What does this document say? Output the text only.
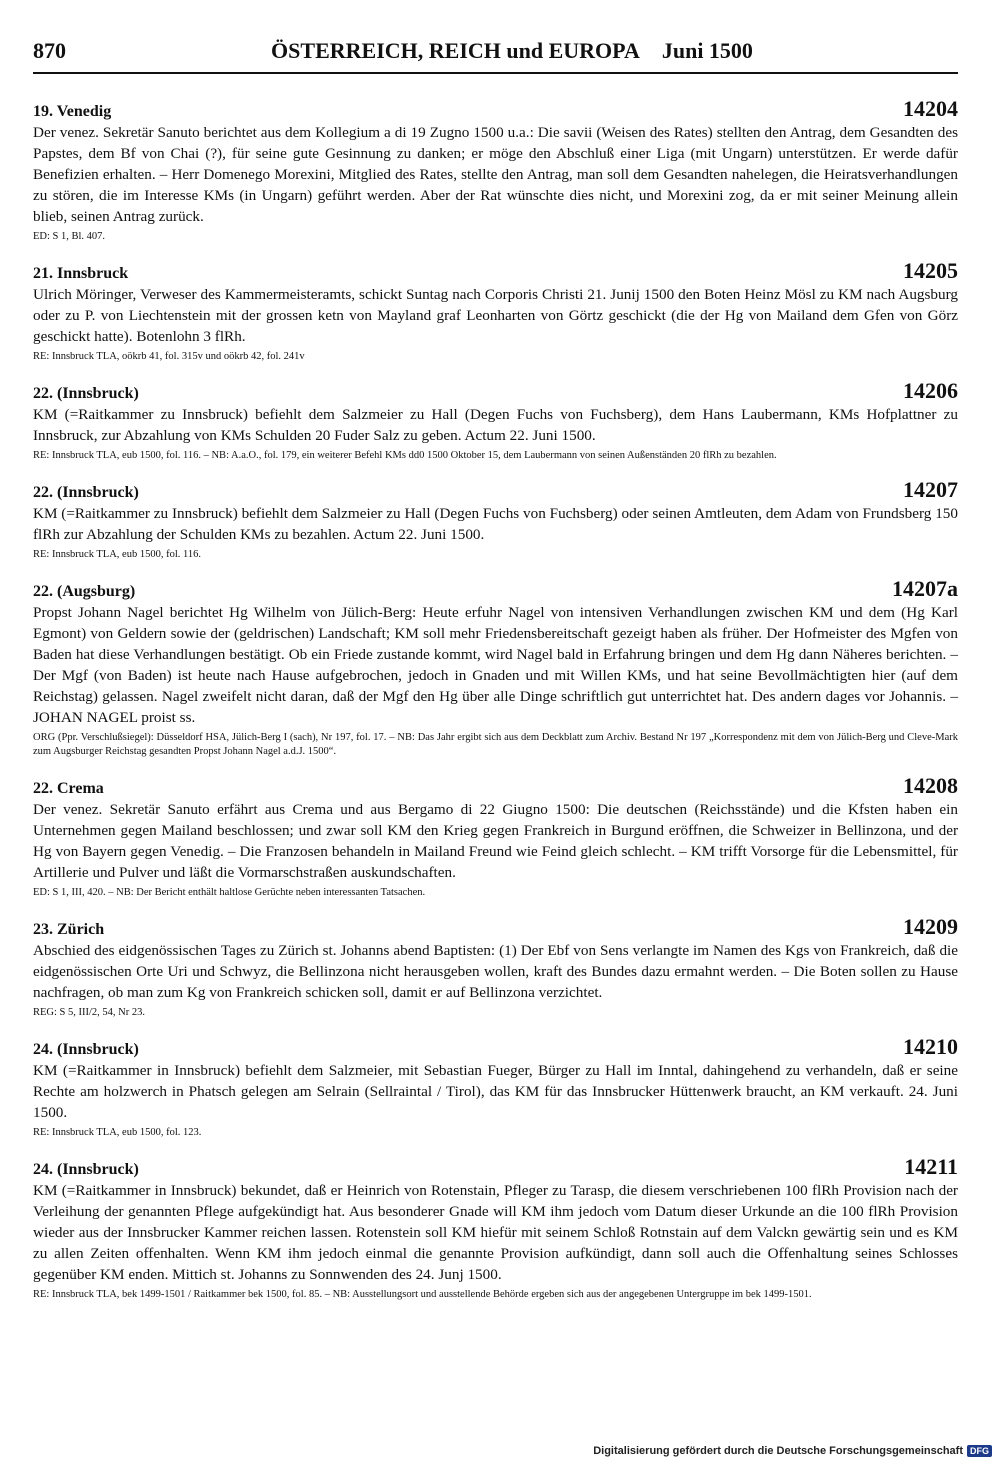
870	ÖSTERREICH, REICH und EUROPA Juni 1500
19. Venedig	14204
Der venez. Sekretär Sanuto berichtet aus dem Kollegium a di 19 Zugno 1500 u.a.: Die savii (Weisen des Rates) stellten den Antrag, dem Gesandten des Papstes, dem Bf von Chai (?), für seine gute Gesinnung zu danken; er möge den Abschluß einer Liga (mit Ungarn) unterstützen. Er werde dafür Benefizien erhalten. – Herr Domenego Morexini, Mitglied des Rates, stellte den Antrag, man soll dem Gesandten nahelegen, die Heiratsverhandlungen zu stören, die im Interesse KMs (in Ungarn) geführt werden. Aber der Rat wünschte dies nicht, und Morexini zog, da er mit seiner Meinung allein blieb, seinen Antrag zurück.
ED: S 1, Bl. 407.
21. Innsbruck	14205
Ulrich Möringer, Verweser des Kammermeisteramts, schickt Suntag nach Corporis Christi 21. Junij 1500 den Boten Heinz Mösl zu KM nach Augsburg oder zu P. von Liechtenstein mit der grossen ketn von Mayland graf Leonharten von Görtz geschickt (die der Hg von Mailand dem Gfen von Görz geschickt hatte). Botenlohn 3 flRh.
RE: Innsbruck TLA, oökrb 41, fol. 315v und oökrb 42, fol. 241v
22. (Innsbruck)	14206
KM (=Raitkammer zu Innsbruck) befiehlt dem Salzmeier zu Hall (Degen Fuchs von Fuchsberg), dem Hans Laubermann, KMs Hofplattner zu Innsbruck, zur Abzahlung von KMs Schulden 20 Fuder Salz zu geben. Actum 22. Juni 1500.
RE: Innsbruck TLA, eub 1500, fol. 116. – NB: A.a.O., fol. 179, ein weiterer Befehl KMs dd0 1500 Oktober 15, dem Laubermann von seinen Außenständen 20 flRh zu bezahlen.
22. (Innsbruck)	14207
KM (=Raitkammer zu Innsbruck) befiehlt dem Salzmeier zu Hall (Degen Fuchs von Fuchsberg) oder seinen Amtleuten, dem Adam von Frundsberg 150 flRh zur Abzahlung der Schulden KMs zu bezahlen. Actum 22. Juni 1500.
RE: Innsbruck TLA, eub 1500, fol. 116.
22. (Augsburg)	14207a
Propst Johann Nagel berichtet Hg Wilhelm von Jülich-Berg: Heute erfuhr Nagel von intensiven Verhandlungen zwischen KM und dem (Hg Karl Egmont) von Geldern sowie der (geldrischen) Landschaft; KM soll mehr Friedensbereitschaft gezeigt haben als früher. Der Hofmeister des Mgfen von Baden hat diese Verhandlungen bestätigt. Ob ein Friede zustande kommt, wird Nagel bald in Erfahrung bringen und dem Hg dann Näheres berichten. – Der Mgf (von Baden) ist heute nach Hause aufgebrochen, jedoch in Gnaden und mit Willen KMs, und hat seine Bevollmächtigten hier (auf dem Reichstag) gelassen. Nagel zweifelt nicht daran, daß der Mgf den Hg über alle Dinge schriftlich gut unterrichtet hat. Des andern dages vor Johannis. – JOHAN NAGEL proist ss.
ORG (Ppr. Verschlußsiegel): Düsseldorf HSA, Jülich-Berg I (sach), Nr 197, fol. 17. – NB: Das Jahr ergibt sich aus dem Deckblatt zum Archiv. Bestand Nr 197 „Korrespondenz mit dem von Jülich-Berg und Cleve-Mark zum Augsburger Reichstag gesandten Propst Johann Nagel a.d.J. 1500“.
22. Crema	14208
Der venez. Sekretär Sanuto erfährt aus Crema und aus Bergamo di 22 Giugno 1500: Die deutschen (Reichsstände) und die Kfsten haben ein Unternehmen gegen Mailand beschlossen; und zwar soll KM den Krieg gegen Frankreich in Burgund eröffnen, die Schweizer in Bellinzona, und der Hg von Bayern gegen Venedig. – Die Franzosen behandeln in Mailand Freund wie Feind gleich schlecht. – KM trifft Vorsorge für die Lebensmittel, für Artillerie und Pulver und läßt die Vormarschstraßen auskundschaften.
ED: S 1, III, 420. – NB: Der Bericht enthält haltlose Gerüchte neben interessanten Tatsachen.
23. Zürich	14209
Abschied des eidgenössischen Tages zu Zürich st. Johanns abend Baptisten: (1) Der Ebf von Sens verlangte im Namen des Kgs von Frankreich, daß die eidgenössischen Orte Uri und Schwyz, die Bellinzona nicht herausgeben wollen, kraft des Bundes dazu ermahnt werden. – Die Boten sollen zu Hause nachfragen, ob man zum Kg von Frankreich schicken soll, damit er auf Bellinzona verzichtet.
REG: S 5, III/2, 54, Nr 23.
24. (Innsbruck)	14210
KM (=Raitkammer in Innsbruck) befiehlt dem Salzmeier, mit Sebastian Fueger, Bürger zu Hall im Inntal, dahingehend zu verhandeln, daß er seine Rechte am holzwerch in Phatsch gelegen am Selrain (Sellraintal / Tirol), das KM für das Innsbrucker Hüttenwerk braucht, an KM verkauft. 24. Juni 1500.
RE: Innsbruck TLA, eub 1500, fol. 123.
24. (Innsbruck)	14211
KM (=Raitkammer in Innsbruck) bekundet, daß er Heinrich von Rotenstain, Pfleger zu Tarasp, die diesem verschriebenen 100 flRh Provision nach der Verleihung der genannten Pflege aufgekündigt hat. Aus besonderer Gnade will KM ihm jedoch vom Datum dieser Urkunde an die 100 flRh Provision wieder aus der Innsbrucker Kammer reichen lassen. Rotenstein soll KM hiefür mit seinem Schloß Rotnstain auf dem Valckn gewärtig sein und es KM zu allen Zeiten offenhalten. Wenn KM ihm jedoch einmal die genannte Provision aufkündigt, dann soll auch die Offenhaltung seines Schlosses gegenüber KM enden. Mittich st. Johanns zu Sonnwenden des 24. Junj 1500.
RE: Innsbruck TLA, bek 1499-1501 / Raitkammer bek 1500, fol. 85. – NB: Ausstellungsort und ausstellende Behörde ergeben sich aus der angegebenen Untergruppe im bek 1499-1501.
Digitalisierung gefördert durch die Deutsche Forschungsgemeinschaft DFG
